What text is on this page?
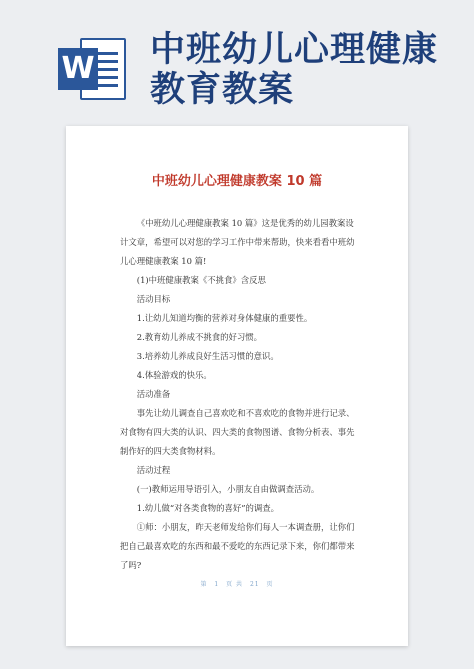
W 中班幼儿心理健康
教育教案
中班幼儿心理健康教案 10 篇

《中班幼儿心理健康教案 10 篇》这是优秀的幼儿园教案设计文章，希望可以对您的学习工作中带来帮助，快来看看中班幼儿心理健康教案 10 篇!

(1)中班健康教案《不挑食》含反思

活动目标

1.让幼儿知道均衡的营养对身体健康的重要性。

2.教育幼儿养成不挑食的好习惯。

3.培养幼儿养成良好生活习惯的意识。

4.体验游戏的快乐。

活动准备

事先让幼儿调查自己喜欢吃和不喜欢吃的食物并进行记录、对食物有四大类的认识、四大类的食物图谱、食物分析表、事先制作好的四大类食物材料。

活动过程

(一)教师运用导语引入，小朋友自由做调查活动。

1.幼儿做“对各类食物的喜好”的调查。

①师：小朋友，昨天老师发给你们每人一本调查册，让你们把自己最喜欢吃的东西和最不爱吃的东西记录下来，你们都带来了吗?

第 1 页 共 21 页
